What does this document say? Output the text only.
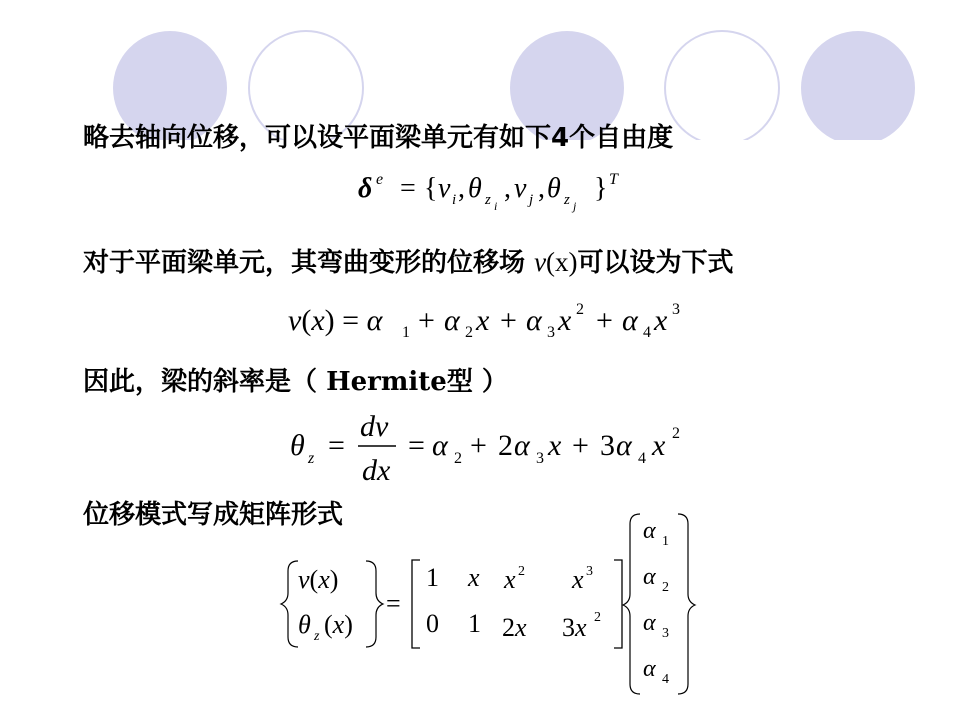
略去轴向位移，可以设平面梁单元有如下4个自由度
对于平面梁单元，其弯曲变形的位移场 v(x)可以设为下式
因此，梁的斜率是（ Hermite型 ）
位移模式写成矩阵形式
δ e = { v i , θ z i
, v j , θ z j
} T
v(x) = α 1 + α 2 x + α 3 x 2 + α 4 x 3
θ z =
dv
dx
= α 2 + 2 α 3 x + 3 α 4 x 2
v(x)
θ z (x)
=
1 x x 2 x 3
0 1 2x 3x 2
α 1
α 2
α 3
α 4
